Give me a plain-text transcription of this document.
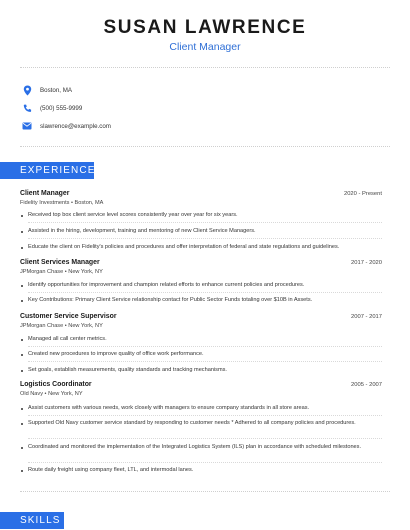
SUSAN LAWRENCE
Client Manager
Boston, MA
(500) 555-9999
slawrence@example.com
EXPERIENCE
Client Manager	2020 - Present
Fidelity Investments • Boston, MA
Received top box client service level scores consistently year over year for six years.
Assisted in the hiring, development, training and mentoring of new Client Service Managers.
Educate the client on Fidelity's policies and procedures and offer interpretation of federal and state regulations and guidelines.
Client Services Manager	2017 - 2020
JPMorgan Chase • New York, NY
Identify opportunities for improvement and champion related efforts to enhance current policies and procedures.
Key Contributions: Primary Client Service relationship contact for Public Sector Funds totaling over $10B in Assets.
Customer Service Supervisor	2007 - 2017
JPMorgan Chase • New York, NY
Managed all call center metrics.
Created new procedures to improve quality of office work performance.
Set goals, establish measurements, quality standards and tracking mechanisms.
Logistics Coordinator	2005 - 2007
Old Navy • New York, NY
Assist customers with various needs, work closely with managers to ensure company standards in all store areas.
Supported Old Navy customer service standard by responding to customer needs * Adhered to all company policies and procedures.
Coordinated and monitored the implementation of the Integrated Logistics System (ILS) plan in accordance with scheduled milestones.
Route daily freight using company fleet, LTL, and intermodal lanes.
SKILLS
